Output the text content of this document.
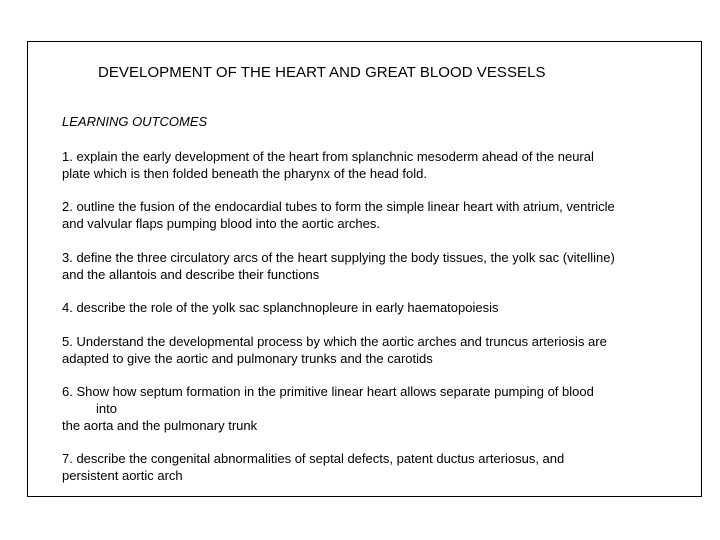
DEVELOPMENT OF THE HEART AND GREAT BLOOD VESSELS

LEARNING OUTCOMES

1. explain the early development of the heart from splanchnic mesoderm ahead of the neural
plate which is then folded beneath the pharynx of the head fold.

2. outline the fusion of the endocardial tubes to form the simple linear heart with atrium, ventricle
and valvular flaps pumping blood into the aortic arches.

3. define the three circulatory arcs of the heart supplying the body tissues, the yolk sac (vitelline)
and the allantois and describe their functions

4. describe the role of the yolk sac splanchnopleure in early haematopoiesis

5. Understand the developmental process by which the aortic arches and truncus arteriosis are
adapted to give the aortic and pulmonary trunks and the carotids

6. Show how septum formation in the primitive linear heart allows separate pumping of blood
into
the aorta and the pulmonary trunk

7. describe the congenital abnormalities of septal defects, patent ductus arteriosus, and
persistent aortic arch
